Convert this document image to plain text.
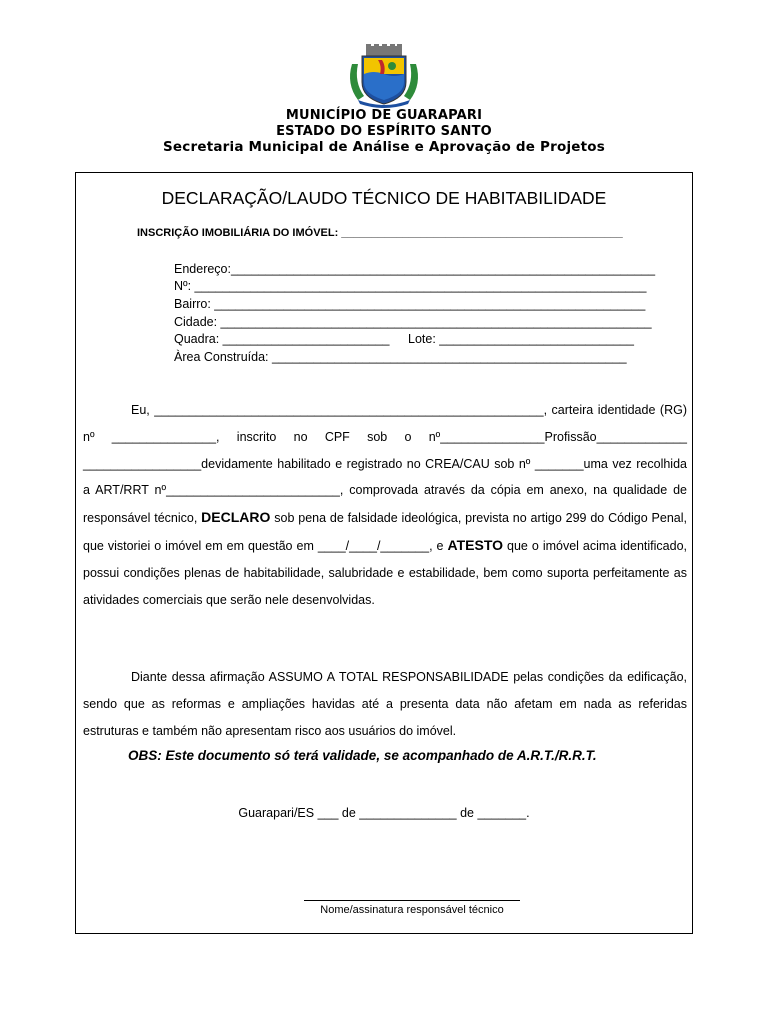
MUNICÍPIO DE GUARAPARI
ESTADO DO ESPÍRITO SANTO
Secretaria Municipal de Análise e Aprovação de Projetos
DECLARAÇÃO/LAUDO TÉCNICO DE HABITABILIDADE
INSCRIÇÃO IMOBILIÁRIA DO IMÓVEL: ______________________________________________
Endereço:_____________________________________________________________
Nº: _________________________________________________________________
Bairro: ______________________________________________________________
Cidade: ______________________________________________________________
Quadra: ________________________ Lote: ____________________________
Àrea Construída: ___________________________________________________

Eu, ________________________________________________________, carteira identidade (RG) nº _______________, inscrito no CPF sob o nº_______________Profissão_____________ _________________devidamente habilitado e registrado no CREA/CAU sob nº _______uma vez recolhida a ART/RRT nº_________________________, comprovada através da cópia em anexo, na qualidade de responsável técnico, DECLARO sob pena de falsidade ideológica, prevista no artigo 299 do Código Penal, que vistoriei o imóvel em em questão em ____/____/_______, e ATESTO que o imóvel acima identificado, possui condições plenas de habitabilidade, salubridade e estabilidade, bem como suporta perfeitamente as atividades comerciais que serão nele desenvolvidas.

Diante dessa afirmação ASSUMO A TOTAL RESPONSABILIDADE pelas condições da edificação, sendo que as reformas e ampliações havidas até a presenta data não afetam em nada as referidas estruturas e também não apresentam risco aos usuários do imóvel.

OBS: Este documento só terá validade, se acompanhado de A.R.T./R.R.T.
Guarapari/ES ___ de ______________ de _______.
Nome/assinatura responsável técnico
